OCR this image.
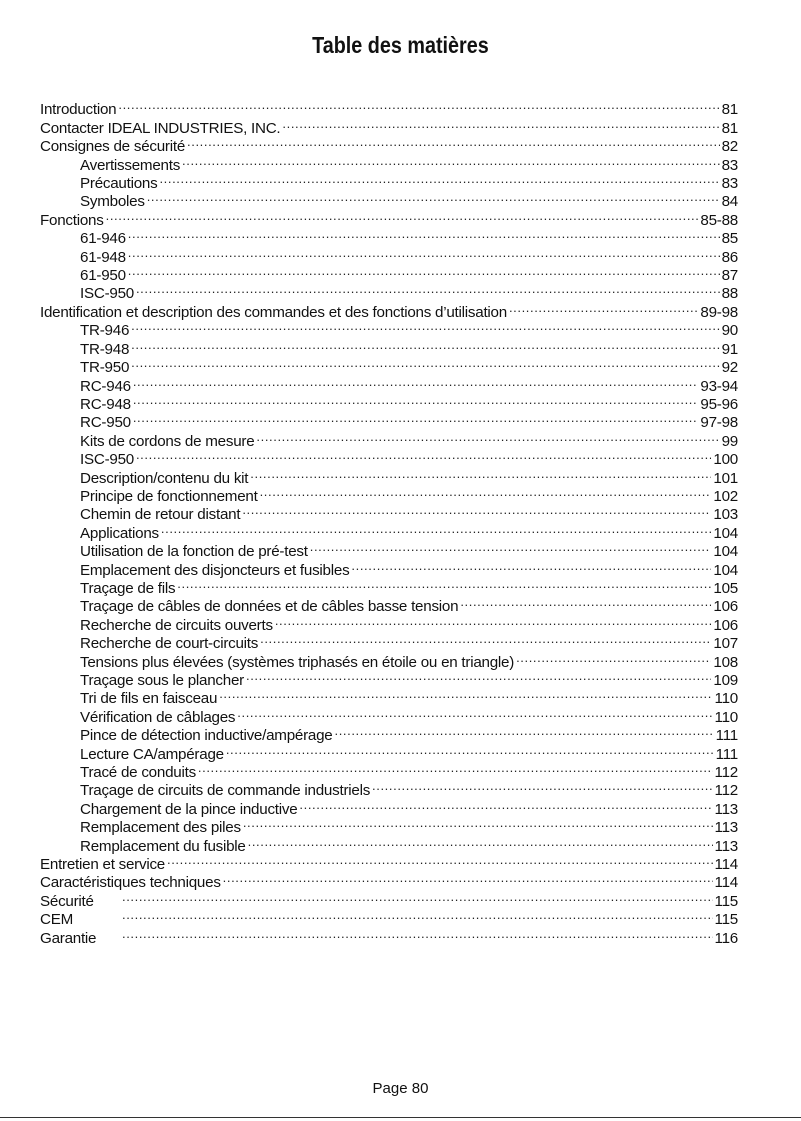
Table des matières
Introduction .....	81
Contacter IDEAL INDUSTRIES, INC. .....	81
Consignes de sécurité .....	82
Avertissements .....	83
Précautions .....	83
Symboles .....	84
Fonctions .....	85-88
61-946 .....	85
61-948 .....	86
61-950 .....	87
ISC-950 .....	88
Identification et description des commandes et des fonctions d’utilisation .....	89-98
TR-946 .....	90
TR-948 .....	91
TR-950 .....	92
RC-946 .....	93-94
RC-948 .....	95-96
RC-950 .....	97-98
Kits de cordons de mesure .....	99
ISC-950 .....	100
Description/contenu du kit .....	101
Principe de fonctionnement .....	102
Chemin de retour distant .....	103
Applications .....	104
Utilisation de la fonction de pré-test .....	104
Emplacement des disjoncteurs et fusibles .....	104
Traçage de fils .....	105
Traçage de câbles de données et de câbles basse tension .....	106
Recherche de circuits ouverts .....	106
Recherche de court-circuits .....	107
Tensions plus élevées (systèmes triphasés en étoile ou en triangle) .....	108
Traçage sous le plancher .....	109
Tri de fils en faisceau .....	110
Vérification de câblages .....	110
Pince de détection inductive/ampérage .....	111
Lecture CA/ampérage .....	111
Tracé de conduits .....	112
Traçage de circuits de commande industriels .....	112
Chargement de la pince inductive .....	113
Remplacement des piles .....	113
Remplacement du fusible .....	113
Entretien et service .....	114
Caractéristiques techniques .....	114
Sécurité .....	115
CEM .....	115
Garantie .....	116
Page 80
